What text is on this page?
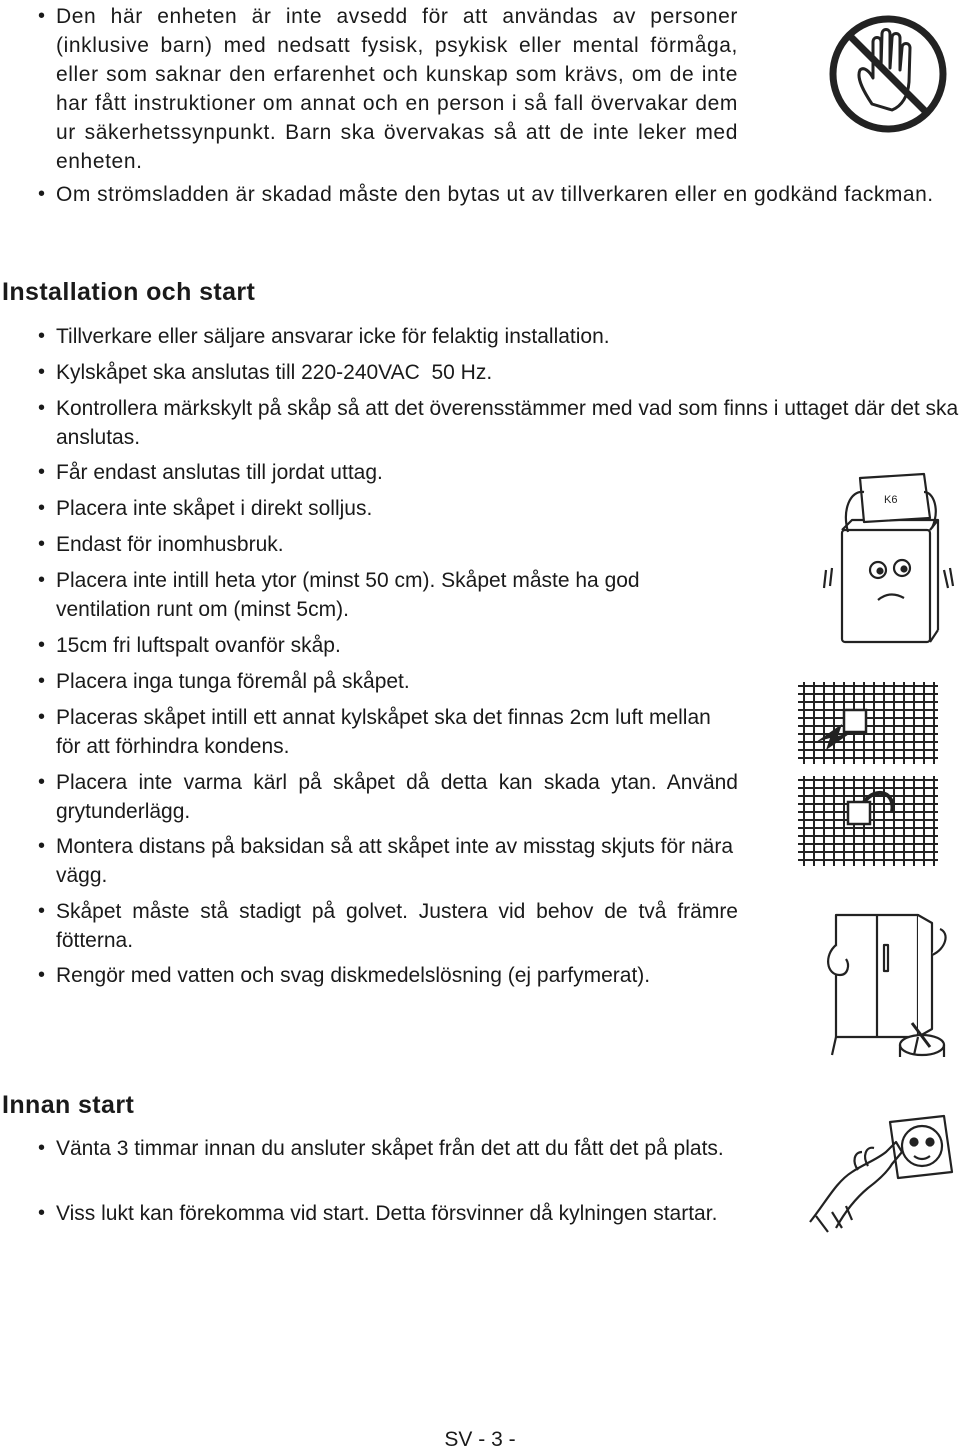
• Den här enheten är inte avsedd för att användas av personer (inklusive barn) med nedsatt fysisk, psykisk eller mental förmåga, eller som saknar den erfarenhet och kunskap som krävs, om de inte har fått instruktioner om annat och en person i så fall övervakar dem ur säkerhetssynpunkt. Barn ska övervakas så att de inte leker med enheten.
• Om strömsladden är skadad måste den bytas ut av tillverkaren eller en godkänd fackman.
Installation och start
• Tillverkare eller säljare ansvarar icke för felaktig installation.
• Kylskåpet ska anslutas till 220-240VAC  50 Hz.
• Kontrollera märkskylt på skåp så att det överensstämmer med vad som finns i uttaget där det ska anslutas.
• Får endast anslutas till jordat uttag.
• Placera inte skåpet i direkt solljus.
• Endast för inomhusbruk.
• Placera inte intill heta ytor (minst 50 cm). Skåpet måste ha god ventilation runt om (minst 5cm).
• 15cm fri luftspalt ovanför skåp.
• Placera inga tunga föremål på skåpet.
• Placeras skåpet intill ett annat kylskåpet ska det finnas 2cm luft mellan för att förhindra kondens.
• Placera inte varma kärl på skåpet då detta kan skada ytan. Använd grytunderlägg.
• Montera distans på baksidan så att skåpet inte av misstag skjuts för nära vägg.
• Skåpet måste stå stadigt på golvet. Justera vid behov de två främre fötterna.
• Rengör med vatten och svag diskmedelslösning (ej parfymerat).
Innan start
• Vänta 3 timmar innan du ansluter skåpet från det att du fått det på plats.
• Viss lukt kan förekomma vid start. Detta försvinner då kylningen startar.
K6
SV - 3 -
